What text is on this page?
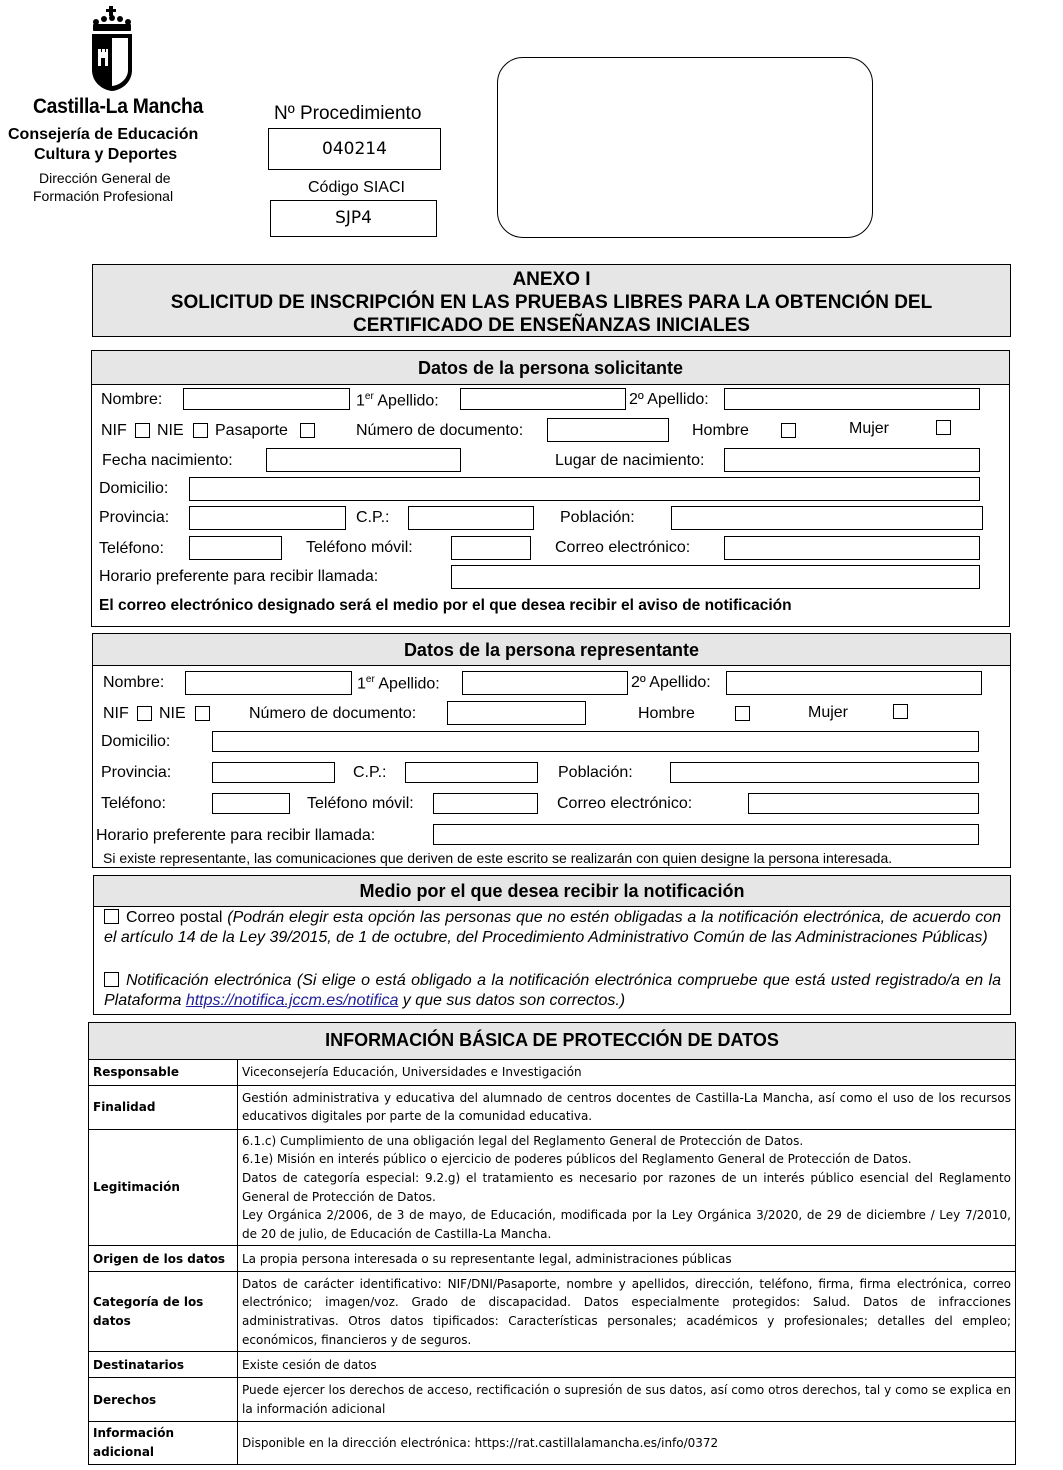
Castilla-La Mancha
Consejería de Educación
Cultura y Deportes
Dirección General de
Formación Profesional
Nº Procedimiento
040214
Código SIACI
SJP4
ANEXO I
SOLICITUD DE INSCRIPCIÓN EN LAS PRUEBAS LIBRES PARA LA OBTENCIÓN DEL
CERTIFICADO DE ENSEÑANZAS INICIALES
Datos de la persona solicitante
Nombre:	1er Apellido:	2º Apellido:
NIF NIE Pasaporte	Número de documento:	Hombre	Mujer
Fecha nacimiento:	Lugar de nacimiento:
Domicilio:
Provincia:	C.P.:	Población:
Teléfono:	Teléfono móvil:	Correo electrónico:
Horario preferente para recibir llamada:
El correo electrónico designado será el medio por el que desea recibir el aviso de notificación
Datos de la persona representante
Nombre:	1er Apellido:	2º Apellido:
NIF NIE	Número de documento:	Hombre	Mujer
Domicilio:
Provincia:	C.P.:	Población:
Teléfono:	Teléfono móvil:	Correo electrónico:
Horario preferente para recibir llamada:
Si existe representante, las comunicaciones que deriven de este escrito se realizarán con quien designe la persona interesada.
Medio por el que desea recibir la notificación
Correo postal (Podrán elegir esta opción las personas que no estén obligadas a la notificación electrónica, de acuerdo con el artículo 14 de la Ley 39/2015, de 1 de octubre, del Procedimiento Administrativo Común de las Administraciones Públicas)
Notificación electrónica (Si elige o está obligado a la notificación electrónica compruebe que está usted registrado/a en la Plataforma https://notifica.jccm.es/notifica y que sus datos son correctos.)
INFORMACIÓN BÁSICA DE PROTECCIÓN DE DATOS	
Responsable	Viceconsejería Educación, Universidades e Investigación
Finalidad	Gestión administrativa y educativa del alumnado de centros docentes de Castilla-La Mancha, así como el uso de los recursos educativos digitales por parte de la comunidad educativa.
Legitimación	6.1.c) Cumplimiento de una obligación legal del Reglamento General de Protección de Datos.
6.1e) Misión en interés público o ejercicio de poderes públicos del Reglamento General de Protección de Datos.
Datos de categoría especial: 9.2.g) el tratamiento es necesario por razones de un interés público esencial del Reglamento General de Protección de Datos.
Ley Orgánica 2/2006, de 3 de mayo, de Educación, modificada por la Ley Orgánica 3/2020, de 29 de diciembre / Ley 7/2010, de 20 de julio, de Educación de Castilla-La Mancha.

Origen de los datos	La propia persona interesada o su representante legal, administraciones públicas
Categoría de los datos	Datos de carácter identificativo: NIF/DNI/Pasaporte, nombre y apellidos, dirección, teléfono, firma, firma electrónica, correo electrónico; imagen/voz. Grado de discapacidad. Datos especialmente protegidos: Salud. Datos de infracciones administrativas. Otros datos tipificados: Características personales; académicos y profesionales; detalles del empleo; económicos, financieros y de seguros.
Destinatarios	Existe cesión de datos
Derechos	Puede ejercer los derechos de acceso, rectificación o supresión de sus datos, así como otros derechos, tal y como se explica en la información adicional
Información adicional	Disponible en la dirección electrónica: https://rat.castillalamancha.es/info/0372
